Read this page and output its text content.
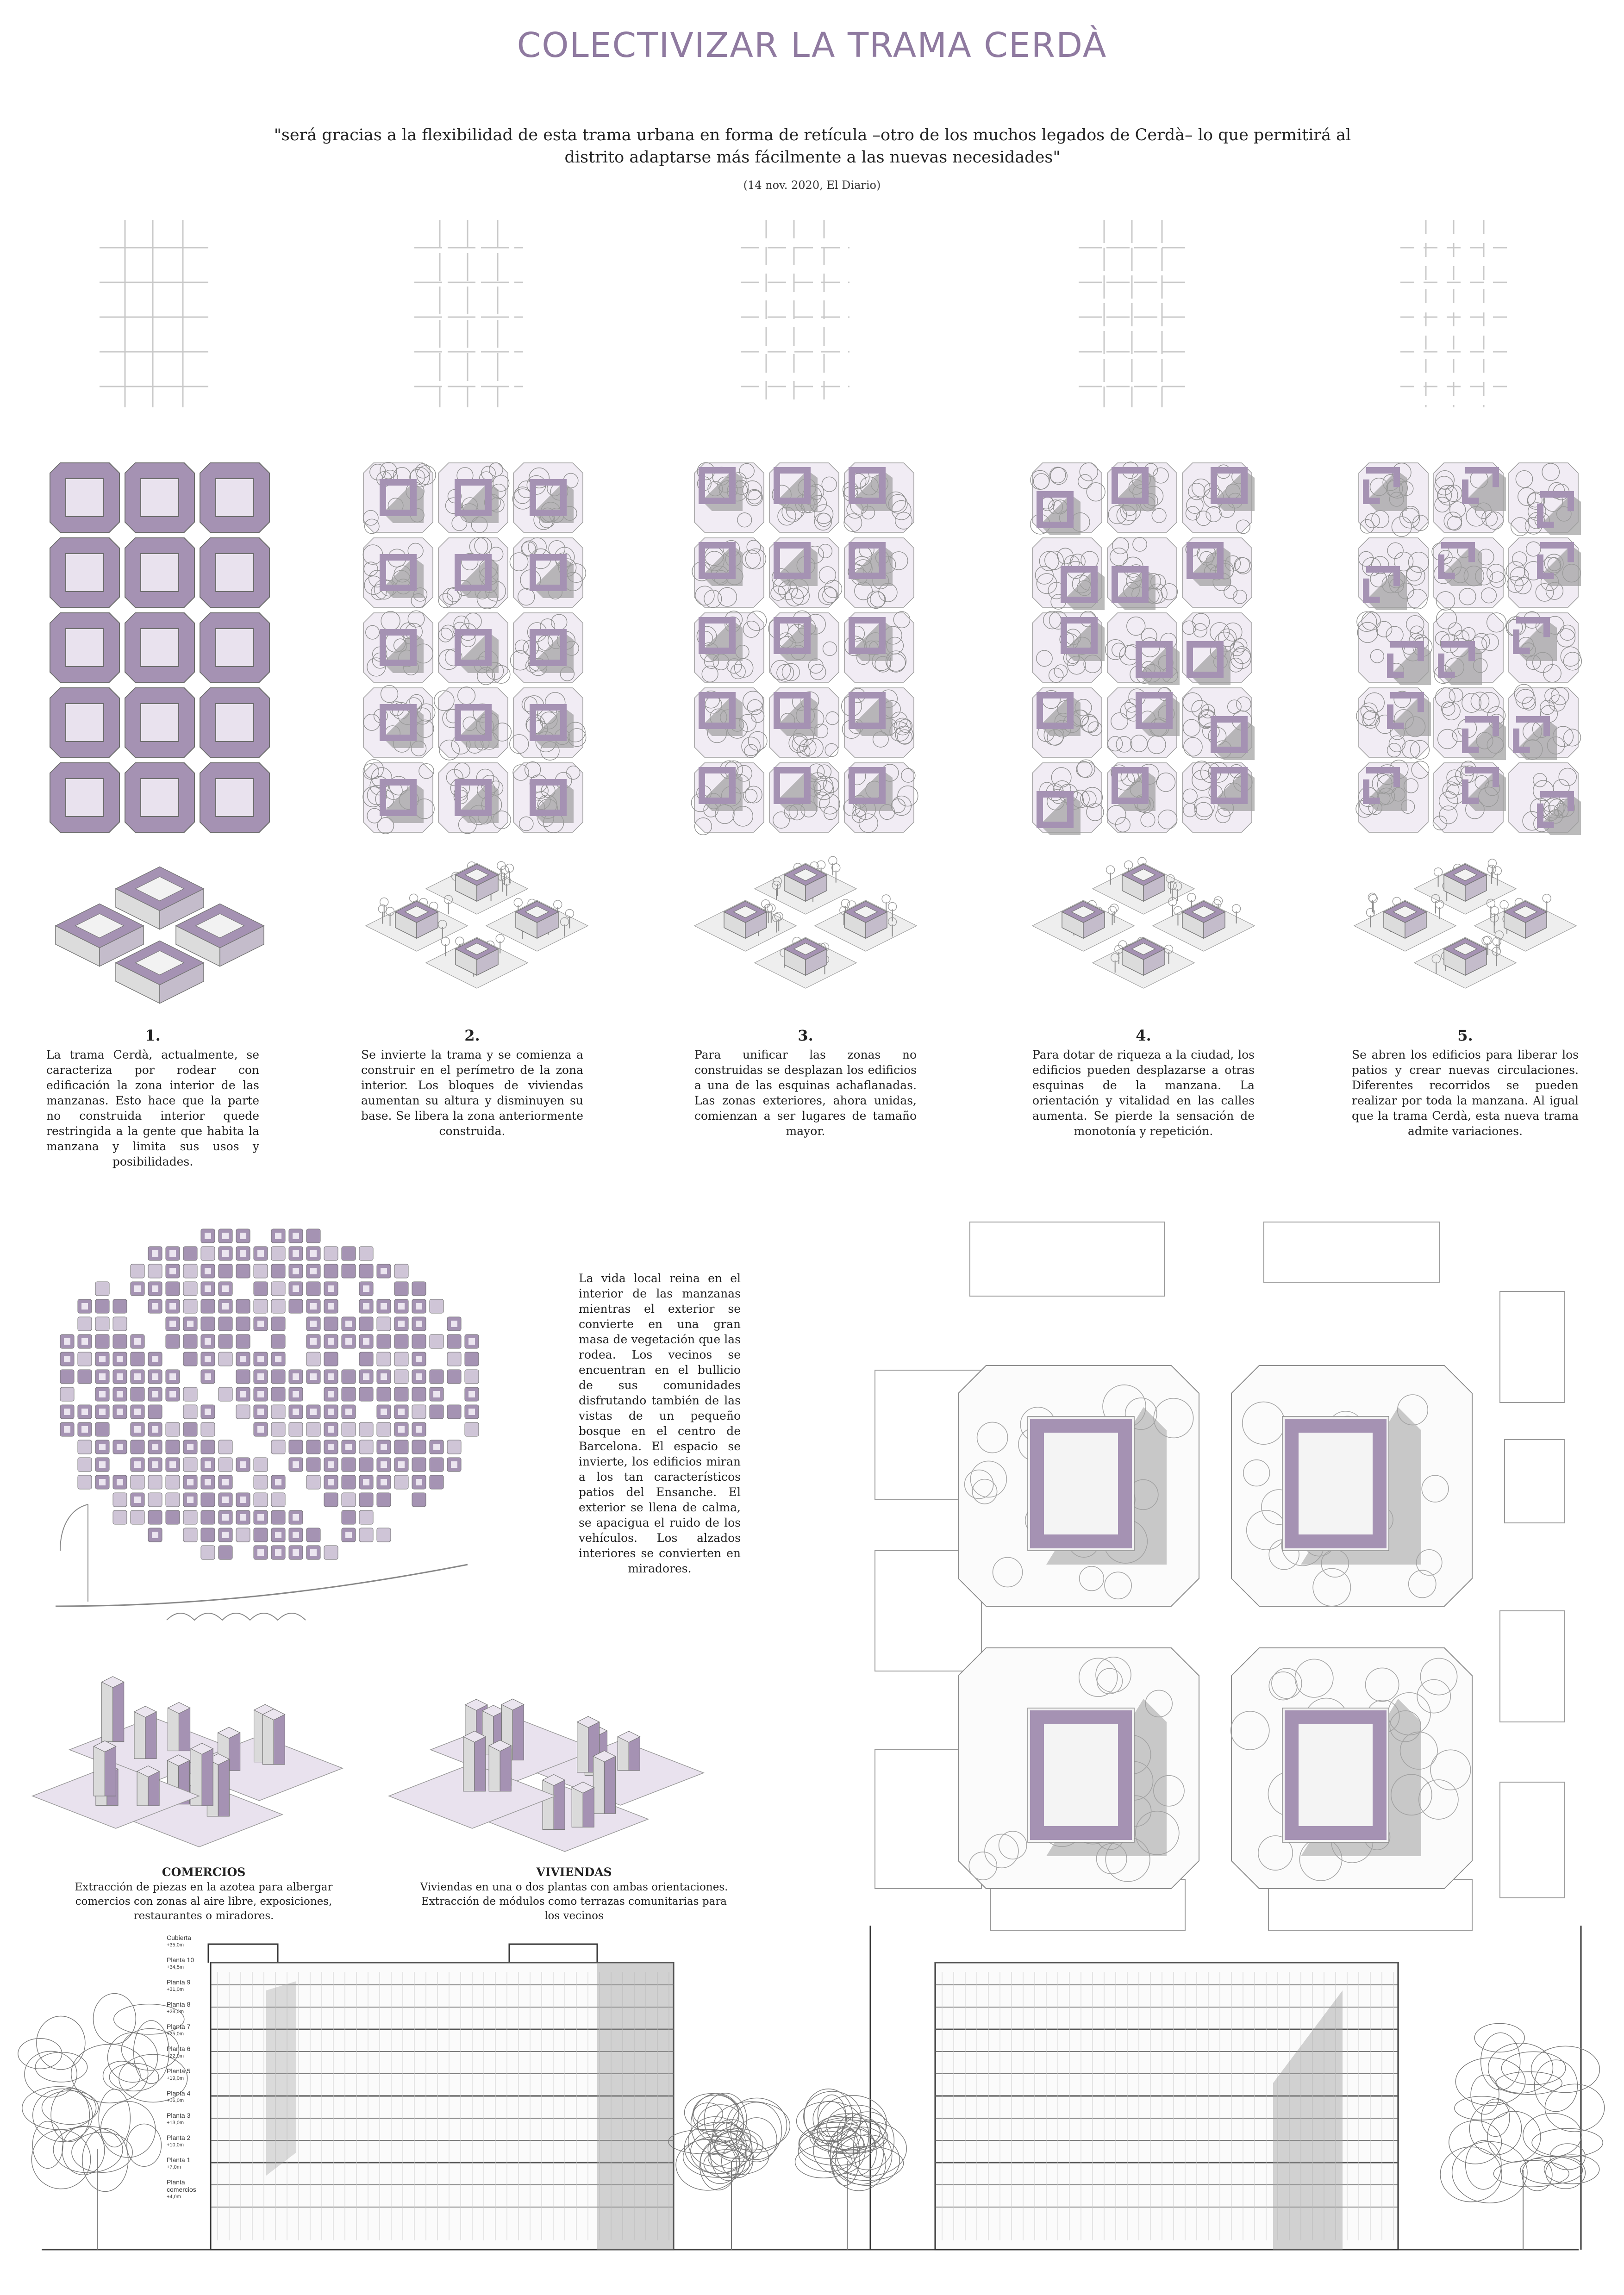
COLECTIVIZAR LA TRAMA CERDÀ
"será gracias a la flexibilidad de esta trama urbana en forma de retícula –otro de los muchos legados de Cerdà– lo que permitirá al distrito adaptarse más fácilmente a las nuevas necesidades"
(14 nov. 2020, El Diario)
1.
La trama Cerdà, actualmente, se caracteriza por rodear con edificación la zona interior de las manzanas. Esto hace que la parte no construida interior quede restringida a la gente que habita la manzana y limita sus usos y posibilidades.
2.
Se invierte la trama y se comienza a construir en el perímetro de la zona interior. Los bloques de viviendas aumentan su altura y disminuyen su base. Se libera la zona anteriormente construida.
3.
Para unificar las zonas no construidas se desplazan los edificios a una de las esquinas achaflanadas. Las zonas exteriores, ahora unidas, comienzan a ser lugares de tamaño mayor.
4.
Para dotar de riqueza a la ciudad, los edificios pueden desplazarse a otras esquinas de la manzana. La orientación y vitalidad en las calles aumenta. Se pierde la sensación de monotonía y repetición.
5.
Se abren los edificios para liberar los patios y crear nuevas circulaciones. Diferentes recorridos se pueden realizar por toda la manzana. Al igual que la trama Cerdà, esta nueva trama admite variaciones.
La vida local reina en el interior de las manzanas mientras el exterior se convierte en una gran masa de vegetación que las rodea. Los vecinos se encuentran en el bullicio de sus comunidades disfrutando también de las vistas de un pequeño bosque en el centro de Barcelona. El espacio se invierte, los edificios miran a los tan característicos patios del Ensanche. El exterior se llena de calma, se apacigua el ruido de los vehículos. Los alzados interiores se convierten en miradores.
COMERCIOS
Extracción de piezas en la azotea para albergar comercios con zonas al aire libre, exposiciones, restaurantes o miradores.
VIVIENDAS
Viviendas en una o dos plantas con ambas orientaciones. Extracción de módulos como terrazas comunitarias para los vecinos
Cubierta
+35,0m
Planta 10
+34,5m
Planta 9
+31,0m
Planta 8
+28,0m
Planta 7
+25,0m
Planta 6
+22,0m
Planta 5
+19,0m
Planta 4
+16,0m
Planta 3
+13,0m
Planta 2
+10,0m
Planta 1
+7,0m
Planta comercios
+4,0m
